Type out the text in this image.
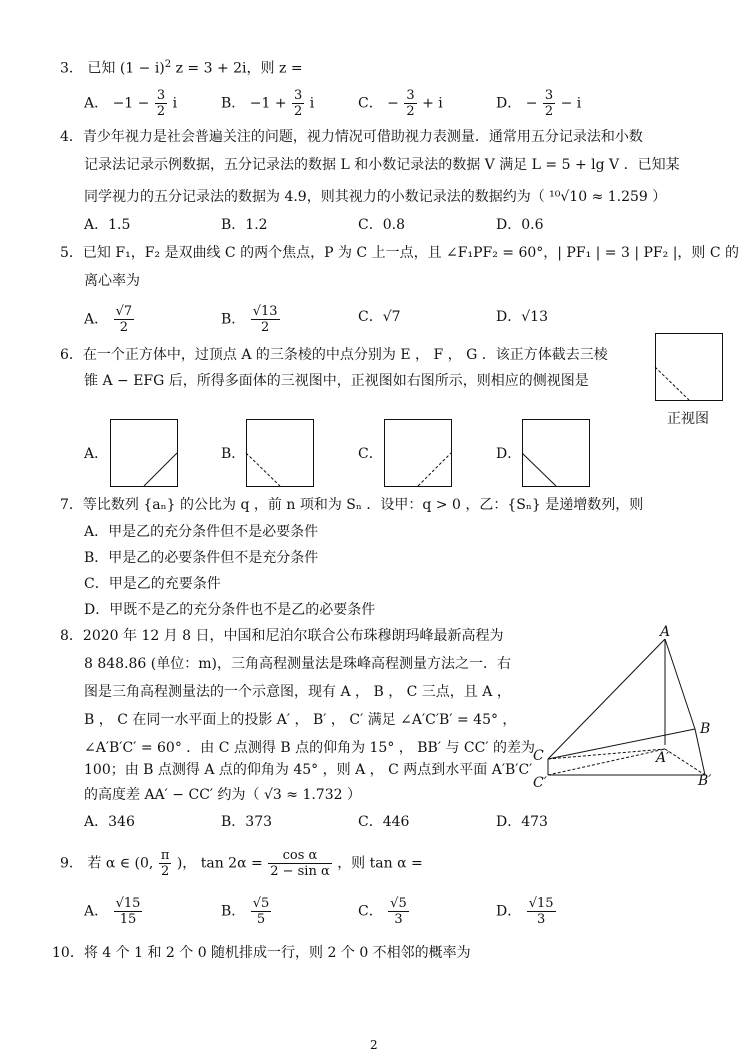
3． 已知 $(1 - i)^2$ z = 3 + 2i，则 z =
A． $-1 - \frac{3}{2}$ i	B． $-1 + \frac{3}{2}$ i	C． − $\frac{3}{2} + i$	D． − $\frac{3}{2} - i$
4．青少年视力是社会普遍关注的问题，视力情况可借助视力表测量．通常用五分记录法和小数
记录法记录示例数据，五分记录法的数据 L 和小数记录法的数据 V 满足 L = 5 + lg V ．已知某
同学视力的五分记录法的数据为 4.9，则其视力的小数记录法的数据约为（ ¹⁰√10 ≈ 1.259 ）
A．1.5	B．1.2	C．0.8	D．0.6
5．已知 F₁，F₂ 是双曲线 C 的两个焦点，P 为 C 上一点，且 ∠F₁PF₂ = 60°，| PF₁ | = 3 | PF₂ |，则 C 的
离心率为
A． $\frac{√7}{2}$	B． $\frac{√13}{2}$	C．√7	D．√13
6．在一个正方体中，过顶点 A 的三条棱的中点分别为 E ， F ， G ．该正方体截去三棱
锥 A − EFG 后，所得多面体的三视图中，正视图如右图所示，则相应的侧视图是
正视图
A．	B．	C．	D．
7．等比数列 {aₙ} 的公比为 q ，前 n 项和为 Sₙ ．设甲：q > 0 ，乙：{Sₙ} 是递增数列，则
A．甲是乙的充分条件但不是必要条件
B．甲是乙的必要条件但不是充分条件
C．甲是乙的充要条件
D．甲既不是乙的充分条件也不是乙的必要条件
8．2020 年 12 月 8 日，中国和尼泊尔联合公布珠穆朗玛峰最新高程为
8 848.86 (单位：m)，三角高程测量法是珠峰高程测量方法之一．右
图是三角高程测量法的一个示意图，现有 A ， B ， C 三点，且 A ，
B ， C 在同一水平面上的投影 A′ ， B′ ， C′ 满足 ∠A′C′B′ = 45° ，
∠A′B′C′ = 60° ．由 C 点测得 B 点的仰角为 15° ， BB′ 与 CC′ 的差为
100；由 B 点测得 A 点的仰角为 45° ，则 A ， C 两点到水平面 A′B′C′
的高度差 AA′ − CC′ 约为（ √3 ≈ 1.732 ）
A
B
C	A′
C′	B′
A．346	B．373	C．446	D．473
9． 若 α ∈ (0, $\frac{\pi}{2}$ )， $\tan 2\alpha = \frac{\text{cos α}}{\text{2 − sin α}}$ ，则 tan α =
A． $\frac{√15}{15}$	B． $\frac{√5}{5}$	C． $\frac{√5}{3}$	D． $\frac{√15}{3}$
10．将 4 个 1 和 2 个 0 随机排成一行，则 2 个 0 不相邻的概率为
2
